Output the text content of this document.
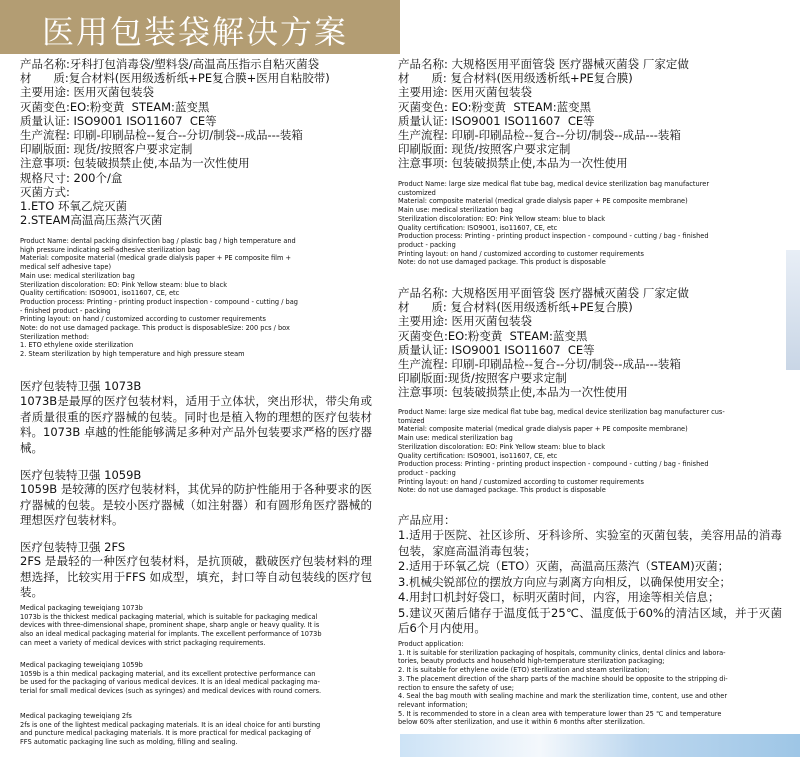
医用包装袋解决方案
产品名称:牙科打包消毒袋/塑料袋/高温高压指示自粘灭菌袋
材      质:复合材料(医用级透析纸+PE复合膜+医用自粘胶带)
主要用途: 医用灭菌包装袋
灭菌变色:EO:粉变黄  STEAM:蓝变黑
质量认证: ISO9001 ISO11607  CE等
生产流程: 印刷-印刷品检--复合--分切/制袋--成品---装箱
印刷版面: 现货/按照客户要求定制
注意事项: 包装破损禁止使,本品为一次性使用
规格尺寸: 200个/盒
灭菌方式:
1.ETO 环氧乙烷灭菌
2.STEAM高温高压蒸汽灭菌
Product Name: dental packing disinfection bag / plastic bag / high temperature and
high pressure indicating self-adhesive sterilization bag
Material: composite material (medical grade dialysis paper + PE composite film +
medical self adhesive tape)
Main use: medical sterilization bag
Sterilization discoloration: EO: Pink Yellow steam: blue to black
Quality certification: ISO9001, iso11607, CE, etc
Production process: Printing - printing product inspection - compound - cutting / bag
- finished product - packing
Printing layout: on hand / customized according to customer requirements
Note: do not use damaged package. This product is disposableSize: 200 pcs / box
Sterilization method:
1. ETO ethylene oxide sterilization
2. Steam sterilization by high temperature and high pressure steam
医疗包装特卫强 1073B
1073B是最厚的医疗包装材料，适用于立体状，突出形状，带尖角或者质量很重的医疗器械的包装。同时也是植入物的理想的医疗包装材料。1073B 卓越的性能能够满足多种对产品外包装要求严格的医疗器械。
医疗包装特卫强 1059B
1059B 是较薄的医疗包装材料，其优异的防护性能用于各种要求的医疗器械的包装。是较小医疗器械（如注射器）和有圆形角医疗器械的理想医疗包装材料。
医疗包装特卫强 2FS
2FS 是最轻的一种医疗包装材料，是抗顶破，戳破医疗包装材料的理想选择，比较实用于FFS 如成型，填充，封口等自动包装线的医疗包装。
Medical packaging teweiqiang 1073b
1073b is the thickest medical packaging material, which is suitable for packaging medical
devices with three-dimensional shape, prominent shape, sharp angle or heavy quality. It is
also an ideal medical packaging material for implants. The excellent performance of 1073b
can meet a variety of medical devices with strict packaging requirements.
Medical packaging teweiqiang 1059b
1059b is a thin medical packaging material, and its excellent protective performance can
be used for the packaging of various medical devices. It is an ideal medical packaging ma-
terial for small medical devices (such as syringes) and medical devices with round corners.
Medical packaging teweiqiang 2fs
2fs is one of the lightest medical packaging materials. It is an ideal choice for anti bursting
and puncture medical packaging materials. It is more practical for medical packaging of
FFS automatic packaging line such as molding, filling and sealing.
产品名称: 大规格医用平面管袋 医疗器械灭菌袋 厂家定做
材      质: 复合材料(医用级透析纸+PE复合膜)
主要用途: 医用灭菌包装袋
灭菌变色: EO:粉变黄  STEAM:蓝变黑
质量认证: ISO9001 ISO11607  CE等
生产流程: 印刷-印刷品检--复合--分切/制袋--成品---装箱
印刷版面: 现货/按照客户要求定制
注意事项: 包装破损禁止使,本品为一次性使用
Product Name: large size medical flat tube bag, medical device sterilization bag manufacturer
customized
Material: composite material (medical grade dialysis paper + PE composite membrane)
Main use: medical sterilization bag
Sterilization discoloration: EO: Pink Yellow steam: blue to black
Quality certification: ISO9001, iso11607, CE, etc
Production process: Printing - printing product inspection - compound - cutting / bag - finished
product - packing
Printing layout: on hand / customized according to customer requirements
Note: do not use damaged package. This product is disposable
产品名称: 大规格医用平面管袋 医疗器械灭菌袋 厂家定做
材      质: 复合材料(医用级透析纸+PE复合膜)
主要用途: 医用灭菌包装袋
灭菌变色:EO:粉变黄  STEAM:蓝变黑
质量认证: ISO9001 ISO11607  CE等
生产流程: 印刷-印刷品检--复合--分切/制袋--成品---装箱
印刷版面:现货/按照客户要求定制
注意事项: 包装破损禁止使,本品为一次性使用
Product Name: large size medical flat tube bag, medical device sterilization bag manufacturer cus-
tomized
Material: composite material (medical grade dialysis paper + PE composite membrane)
Main use: medical sterilization bag
Sterilization discoloration: EO: Pink Yellow steam: blue to black
Quality certification: ISO9001, iso11607, CE, etc
Production process: Printing - printing product inspection - compound - cutting / bag - finished
product - packing
Printing layout: on hand / customized according to customer requirements
Note: do not use damaged package. This product is disposable
产品应用：
1.适用于医院、社区诊所、牙科诊所、实验室的灭菌包装，美容用品的消毒包装，家庭高温消毒包装；
2.适用于环氧乙烷（ETO）灭菌，高温高压蒸汽（STEAM)灭菌；
3.机械尖锐部位的摆放方向应与剥离方向相反，以确保使用安全；
4.用封口机封好袋口，标明灭菌时间，内容，用途等相关信息；
5.建议灭菌后储存于温度低于25℃、温度低于60%的清洁区域，并于灭菌后6个月内使用。
Product application:
1. It is suitable for sterilization packaging of hospitals, community clinics, dental clinics and labora-
tories, beauty products and household high-temperature sterilization packaging;
2. It is suitable for ethylene oxide (ETO) sterilization and steam sterilization;
3. The placement direction of the sharp parts of the machine should be opposite to the stripping di-
rection to ensure the safety of use;
4. Seal the bag mouth with sealing machine and mark the sterilization time, content, use and other
relevant information;
5. It is recommended to store in a clean area with temperature lower than 25 ℃ and temperature
below 60% after sterilization, and use it within 6 months after sterilization.
